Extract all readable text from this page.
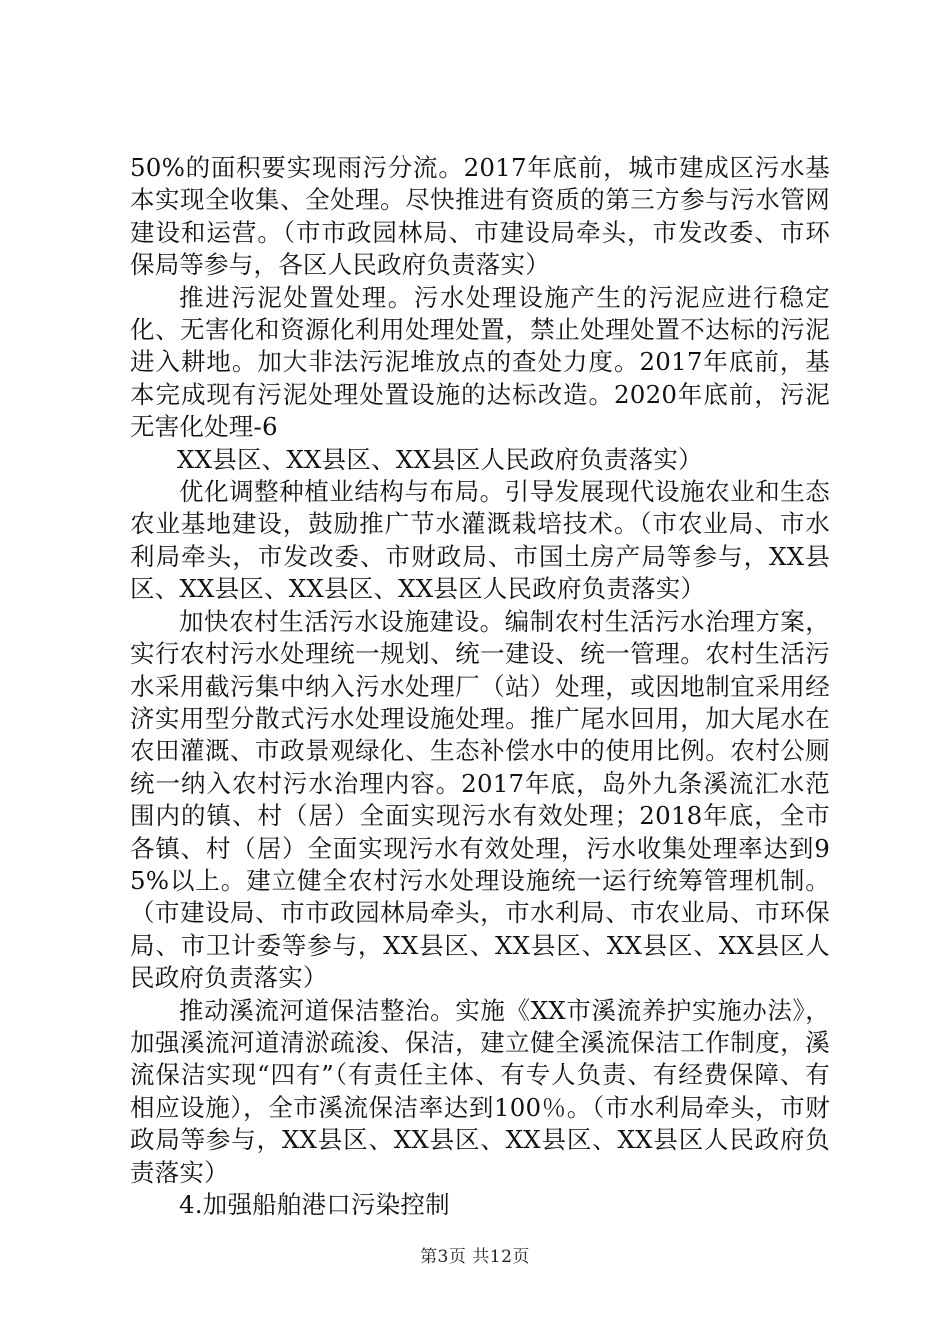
50%的面积要实现雨污分流。2017年底前，城市建成区污水基本实现全收集、全处理。尽快推进有资质的第三方参与污水管网建设和运营。（市市政园林局、市建设局牵头，市发改委、市环保局等参与，各区人民政府负责落实）

推进污泥处置处理。污水处理设施产生的污泥应进行稳定化、无害化和资源化利用处理处置，禁止处理处置不达标的污泥进入耕地。加大非法污泥堆放点的查处力度。2017年底前，基本完成现有污泥处理处置设施的达标改造。2020年底前，污泥无害化处理-6

XX县区、XX县区、XX县区人民政府负责落实）

优化调整种植业结构与布局。引导发展现代设施农业和生态农业基地建设，鼓励推广节水灌溉栽培技术。（市农业局、市水利局牵头，市发改委、市财政局、市国土房产局等参与，XX县区、XX县区、XX县区、XX县区人民政府负责落实）

加快农村生活污水设施建设。编制农村生活污水治理方案，实行农村污水处理统一规划、统一建设、统一管理。农村生活污水采用截污集中纳入污水处理厂（站）处理，或因地制宜采用经济实用型分散式污水处理设施处理。推广尾水回用，加大尾水在农田灌溉、市政景观绿化、生态补偿水中的使用比例。农村公厕统一纳入农村污水治理内容。2017年底，岛外九条溪流汇水范围内的镇、村（居）全面实现污水有效处理；2018年底，全市各镇、村（居）全面实现污水有效处理，污水收集处理率达到95%以上。建立健全农村污水处理设施统一运行统筹管理机制。（市建设局、市市政园林局牵头，市水利局、市农业局、市环保局、市卫计委等参与，XX县区、XX县区、XX县区、XX县区人民政府负责落实）

推动溪流河道保洁整治。实施《XX市溪流养护实施办法》，加强溪流河道清淤疏浚、保洁，建立健全溪流保洁工作制度，溪流保洁实现“四有”（有责任主体、有专人负责、有经费保障、有相应设施），全市溪流保洁率达到100％。（市水利局牵头，市财政局等参与，XX县区、XX县区、XX县区、XX县区人民政府负责落实）

4.加强船舶港口污染控制

第3页 共12页
